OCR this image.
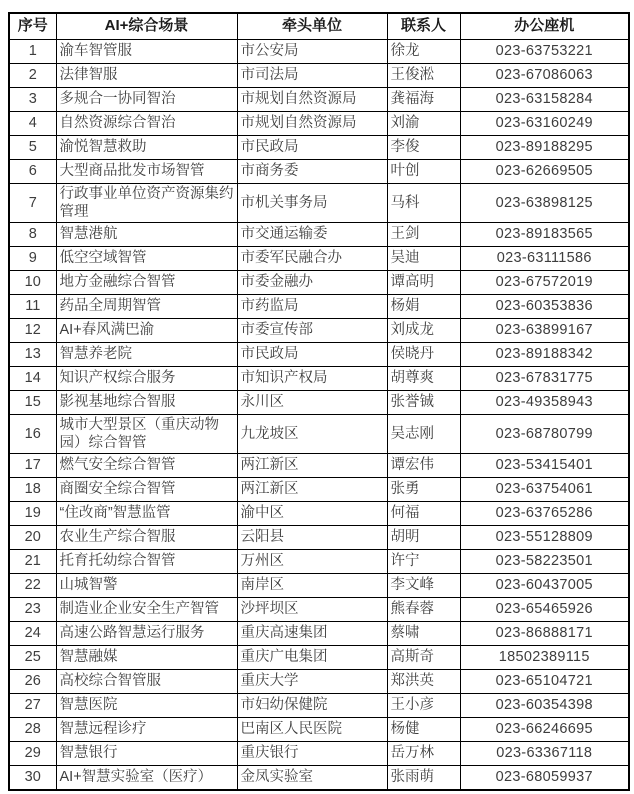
序号	AI+综合场景	牵头单位	联系人	办公座机
1	渝车智管服	市公安局	徐龙	023-63753221
2	法律智服	市司法局	王俊淞	023-67086063
3	多规合一协同智治	市规划自然资源局	龚福海	023-63158284
4	自然资源综合智治	市规划自然资源局	刘渝	023-63160249
5	渝悦智慧救助	市民政局	李俊	023-89188295
6	大型商品批发市场智管	市商务委	叶创	023-62669505
7	行政事业单位资产资源集约管理	市机关事务局	马科	023-63898125
8	智慧港航	市交通运输委	王剑	023-89183565
9	低空空域智管	市委军民融合办	吴迪	023-63111586
10	地方金融综合智管	市委金融办	谭高明	023-67572019
11	药品全周期智管	市药监局	杨娟	023-60353836
12	AI+春风满巴渝	市委宣传部	刘成龙	023-63899167
13	智慧养老院	市民政局	侯晓丹	023-89188342
14	知识产权综合服务	市知识产权局	胡尊爽	023-67831775
15	影视基地综合智服	永川区	张誉铖	023-49358943
16	城市大型景区（重庆动物园）综合智管	九龙坡区	吴志刚	023-68780799
17	燃气安全综合智管	两江新区	谭宏伟	023-53415401
18	商圈安全综合智管	两江新区	张勇	023-63754061
19	“住改商”智慧监管	渝中区	何福	023-63765286
20	农业生产综合智服	云阳县	胡明	023-55128809
21	托育托幼综合智管	万州区	许宁	023-58223501
22	山城智警	南岸区	李文峰	023-60437005
23	制造业企业安全生产智管	沙坪坝区	熊春蓉	023-65465926
24	高速公路智慧运行服务	重庆高速集团	蔡啸	023-86888171
25	智慧融媒	重庆广电集团	高斯奇	18502389115
26	高校综合智管服	重庆大学	郑洪英	023-65104721
27	智慧医院	市妇幼保健院	王小彦	023-60354398
28	智慧远程诊疗	巴南区人民医院	杨健	023-66246695
29	智慧银行	重庆银行	岳万林	023-63367118
30	AI+智慧实验室（医疗）	金凤实验室	张雨萌	023-68059937
